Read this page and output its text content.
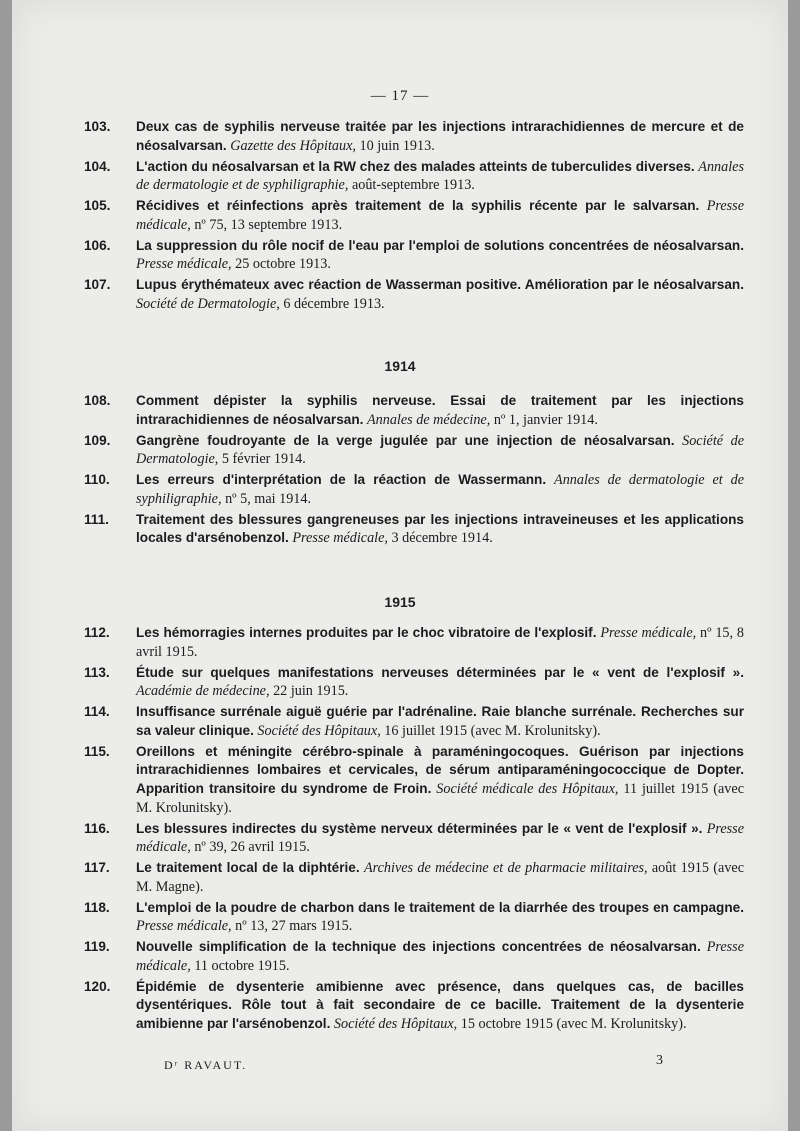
— 17 —
103. Deux cas de syphilis nerveuse traitée par les injections intrarachidiennes de mercure et de néosalvarsan. Gazette des Hôpitaux, 10 juin 1913.
104. L'action du néosalvarsan et la RW chez des malades atteints de tuberculides diverses. Annales de dermatologie et de syphiligraphie, août-septembre 1913.
105. Récidives et réinfections après traitement de la syphilis récente par le salvarsan. Presse médicale, nº 75, 13 septembre 1913.
106. La suppression du rôle nocif de l'eau par l'emploi de solutions concentrées de néosalvarsan. Presse médicale, 25 octobre 1913.
107. Lupus érythémateux avec réaction de Wasserman positive. Amélioration par le néosalvarsan. Société de Dermatologie, 6 décembre 1913.
1914
108. Comment dépister la syphilis nerveuse. Essai de traitement par les injections intrarachidiennes de néosalvarsan. Annales de médecine, nº 1, janvier 1914.
109. Gangrène foudroyante de la verge jugulée par une injection de néosalvarsan. Société de Dermatologie, 5 février 1914.
110. Les erreurs d'interprétation de la réaction de Wassermann. Annales de dermatologie et de syphiligraphie, nº 5, mai 1914.
111. Traitement des blessures gangreneuses par les injections intraveineuses et les applications locales d'arsénobenzol. Presse médicale, 3 décembre 1914.
1915
112. Les hémorragies internes produites par le choc vibratoire de l'explosif. Presse médicale, nº 15, 8 avril 1915.
113. Étude sur quelques manifestations nerveuses déterminées par le « vent de l'explosif ». Académie de médecine, 22 juin 1915.
114. Insuffisance surrénale aiguë guérie par l'adrénaline. Raie blanche surrénale. Recherches sur sa valeur clinique. Société des Hôpitaux, 16 juillet 1915 (avec M. Krolunitsky).
115. Oreillons et méningite cérébro-spinale à paraméningocoques. Guérison par injections intrarachidiennes lombaires et cervicales, de sérum antiparaméningococcique de Dopter. Apparition transitoire du syndrome de Froin. Société médicale des Hôpitaux, 11 juillet 1915 (avec M. Krolunitsky).
116. Les blessures indirectes du système nerveux déterminées par le « vent de l'explosif ». Presse médicale, nº 39, 26 avril 1915.
117. Le traitement local de la diphtérie. Archives de médecine et de pharmacie militaires, août 1915 (avec M. Magne).
118. L'emploi de la poudre de charbon dans le traitement de la diarrhée des troupes en campagne. Presse médicale, nº 13, 27 mars 1915.
119. Nouvelle simplification de la technique des injections concentrées de néosalvarsan. Presse médicale, 11 octobre 1915.
120. Épidémie de dysenterie amibienne avec présence, dans quelques cas, de bacilles dysentériques. Rôle tout à fait secondaire de ce bacille. Traitement de la dysenterie amibienne par l'arsénobenzol. Société des Hôpitaux, 15 octobre 1915 (avec M. Krolunitsky).
Dʳ RAVAUT.	3
